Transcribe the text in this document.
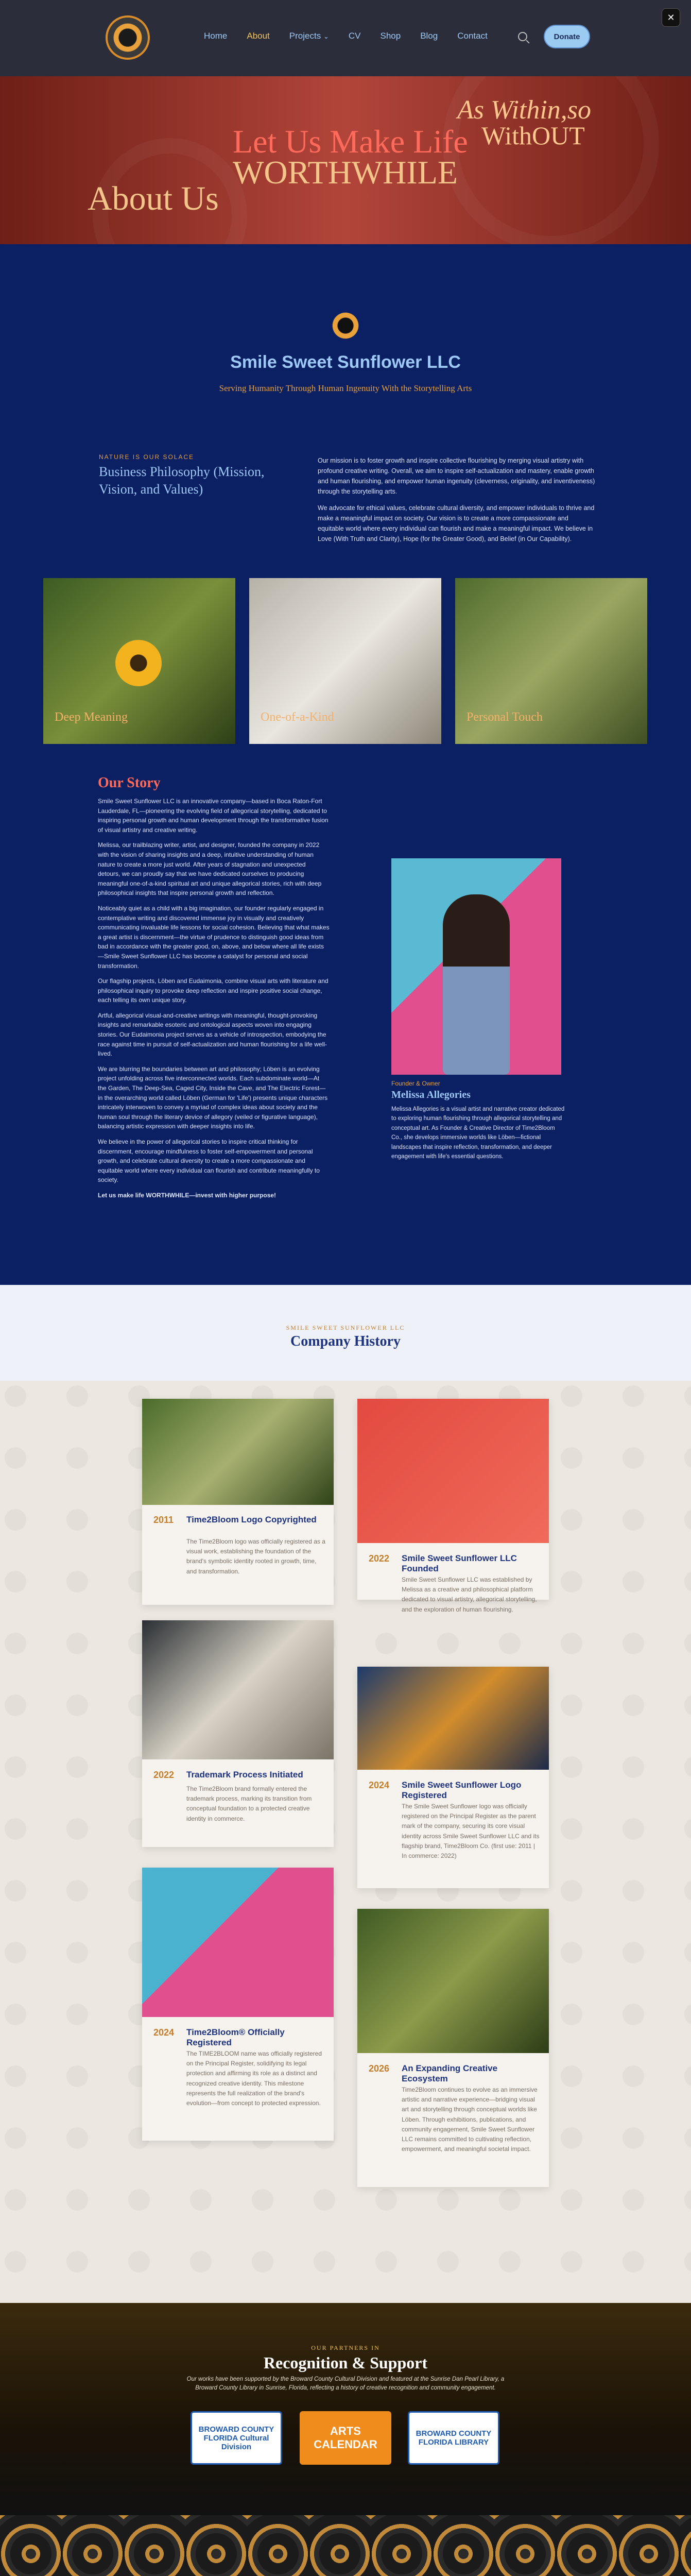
Home About Projects ⌄ CV Shop Blog Contact	Donate
✕
About Us
Let Us Make Life
WORTHWHILE
As Within,so
WithOUT
Smile Sweet Sunflower LLC
Serving Humanity Through Human Ingenuity With the Storytelling Arts
NATURE IS OUR SOLACE
Business Philosophy (Mission, Vision, and Values)

Our mission is to foster growth and inspire collective flourishing by merging visual artistry with profound creative writing. Overall, we aim to inspire self-actualization and mastery, enable growth and human flourishing, and empower human ingenuity (cleverness, originality, and inventiveness) through the storytelling arts.

We advocate for ethical values, celebrate cultural diversity, and empower individuals to thrive and make a meaningful impact on society. Our vision is to create a more compassionate and equitable world where every individual can flourish and make a meaningful impact. We believe in Love (With Truth and Clarity), Hope (for the Greater Good), and Belief (in Our Capability).

Deep Meaning	One-of-a-Kind	Personal Touch
Our Story

Smile Sweet Sunflower LLC is an innovative company—based in Boca Raton-Fort Lauderdale, FL—pioneering the evolving field of allegorical storytelling, dedicated to inspiring personal growth and human development through the transformative fusion of visual artistry and creative writing.

Melissa, our trailblazing writer, artist, and designer, founded the company in 2022 with the vision of sharing insights and a deep, intuitive understanding of human nature to create a more just world. After years of stagnation and unexpected detours, we can proudly say that we have dedicated ourselves to producing meaningful one-of-a-kind spiritual art and unique allegorical stories, rich with deep philosophical insights that inspire personal growth and reflection.

Noticeably quiet as a child with a big imagination, our founder regularly engaged in contemplative writing and discovered immense joy in visually and creatively communicating invaluable life lessons for social cohesion. Believing that what makes a great artist is discernment—the virtue of prudence to distinguish good ideas from bad in accordance with the greater good, on, above, and below where all life exists—Smile Sweet Sunflower LLC has become a catalyst for personal and social transformation.

Our flagship projects, Löben and Eudaimonia, combine visual arts with literature and philosophical inquiry to provoke deep reflection and inspire positive social change, each telling its own unique story.

Artful, allegorical visual-and-creative writings with meaningful, thought-provoking insights and remarkable esoteric and ontological aspects woven into engaging stories. Our Eudaimonia project serves as a vehicle of introspection, embodying the race against time in pursuit of self-actualization and human flourishing for a life well-lived.

We are blurring the boundaries between art and philosophy; Löben is an evolving project unfolding across five interconnected worlds. Each subdominate world—At the Garden, The Deep-Sea, Caged City, Inside the Cave, and The Electric Forest—in the overarching world called Löben (German for 'Life') presents unique characters intricately interwoven to convey a myriad of complex ideas about society and the human soul through the literary device of allegory (veiled or figurative language), balancing artistic expression with deeper insights into life.

We believe in the power of allegorical stories to inspire critical thinking for discernment, encourage mindfulness to foster self-empowerment and personal growth, and celebrate cultural diversity to create a more compassionate and equitable world where every individual can flourish and contribute meaningfully to society.

Let us make life WORTHWHILE—invest with higher purpose!

Founder & Owner
Melissa Allegories
Melissa Allegories is a visual artist and narrative creator dedicated to exploring human flourishing through allegorical storytelling and conceptual art. As Founder & Creative Director of Time2Bloom Co., she develops immersive worlds like Löben—fictional landscapes that inspire reflection, transformation, and deeper engagement with life's essential questions.
SMILE SWEET SUNFLOWER LLC
Company History
2011 Time2Bloom Logo Copyrighted
The Time2Bloom logo was officially registered as a visual work, establishing the foundation of the brand's symbolic identity rooted in growth, time, and transformation.
2022 Smile Sweet Sunflower LLC Founded
Smile Sweet Sunflower LLC was established by Melissa as a creative and philosophical platform dedicated to visual artistry, allegorical storytelling, and the exploration of human flourishing.
2022 Trademark Process Initiated
The Time2Bloom brand formally entered the trademark process, marking its transition from conceptual foundation to a protected creative identity in commerce.
2024 Smile Sweet Sunflower Logo Registered
The Smile Sweet Sunflower logo was officially registered on the Principal Register as the parent mark of the company, securing its core visual identity across Smile Sweet Sunflower LLC and its flagship brand, Time2Bloom Co. (first use: 2011 | In commerce: 2022)
2024 Time2Bloom® Officially Registered
The TIME2BLOOM name was officially registered on the Principal Register, solidifying its legal protection and affirming its role as a distinct and recognized creative identity. This milestone represents the full realization of the brand's evolution—from concept to protected expression.
2026 An Expanding Creative Ecosystem
Time2Bloom continues to evolve as an immersive artistic and narrative experience—bridging visual art and storytelling through conceptual worlds like Löben. Through exhibitions, publications, and community engagement, Smile Sweet Sunflower LLC remains committed to cultivating reflection, empowerment, and meaningful societal impact.
OUR PARTNERS IN
Recognition & Support
Our works have been supported by the Broward County Cultural Division and featured at the Sunrise Dan Pearl Library, a Broward County Library in Sunrise, Florida, reflecting a history of creative recognition and community engagement.
BROWARD COUNTY FLORIDA Cultural Division
ARTS CALENDAR
BROWARD COUNTY FLORIDA LIBRARY
